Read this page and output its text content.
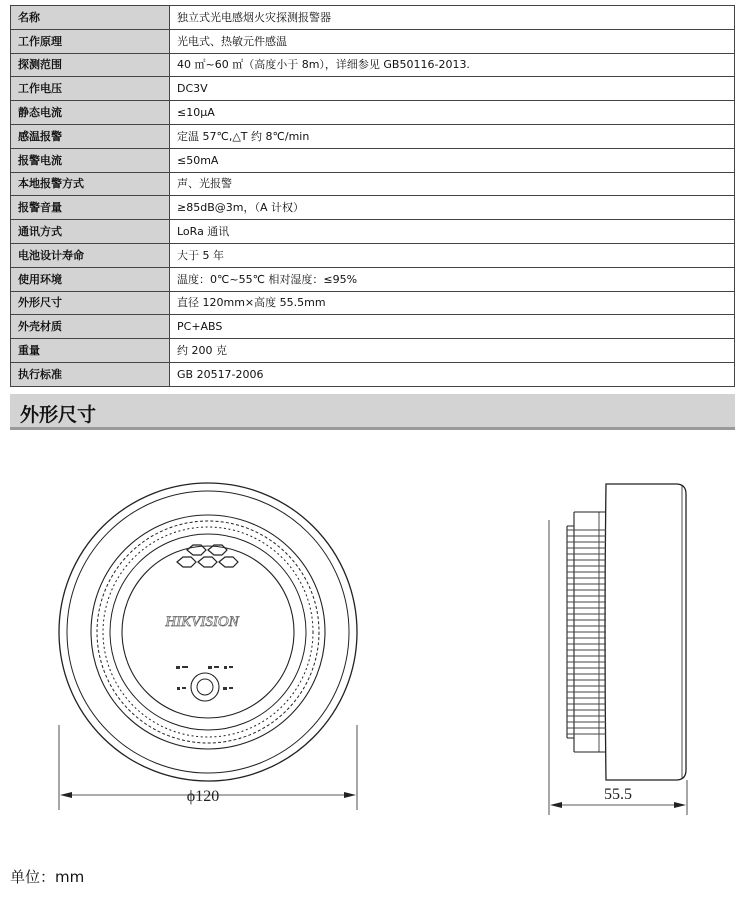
名称	独立式光电感烟火灾探测报警器
工作原理	光电式、热敏元件感温
探测范围	40 ㎡~60 ㎡（高度小于 8m），详细参见 GB50116-2013.
工作电压	DC3V
静态电流	≤10μA
感温报警	定温 57℃,△T 约 8℃/min
报警电流	≤50mA
本地报警方式	声、光报警
报警音量	≥85dB@3m，（A 计权）
通讯方式	LoRa 通讯
电池设计寿命	大于 5 年
使用环境	温度：0℃~55℃ 相对湿度：≤95%
外形尺寸	直径 120mm×高度 55.5mm
外壳材质	PC+ABS
重量	约 200 克
执行标准	GB 20517-2006
外形尺寸
HIKVISION
ϕ120	55.5
单位：mm
